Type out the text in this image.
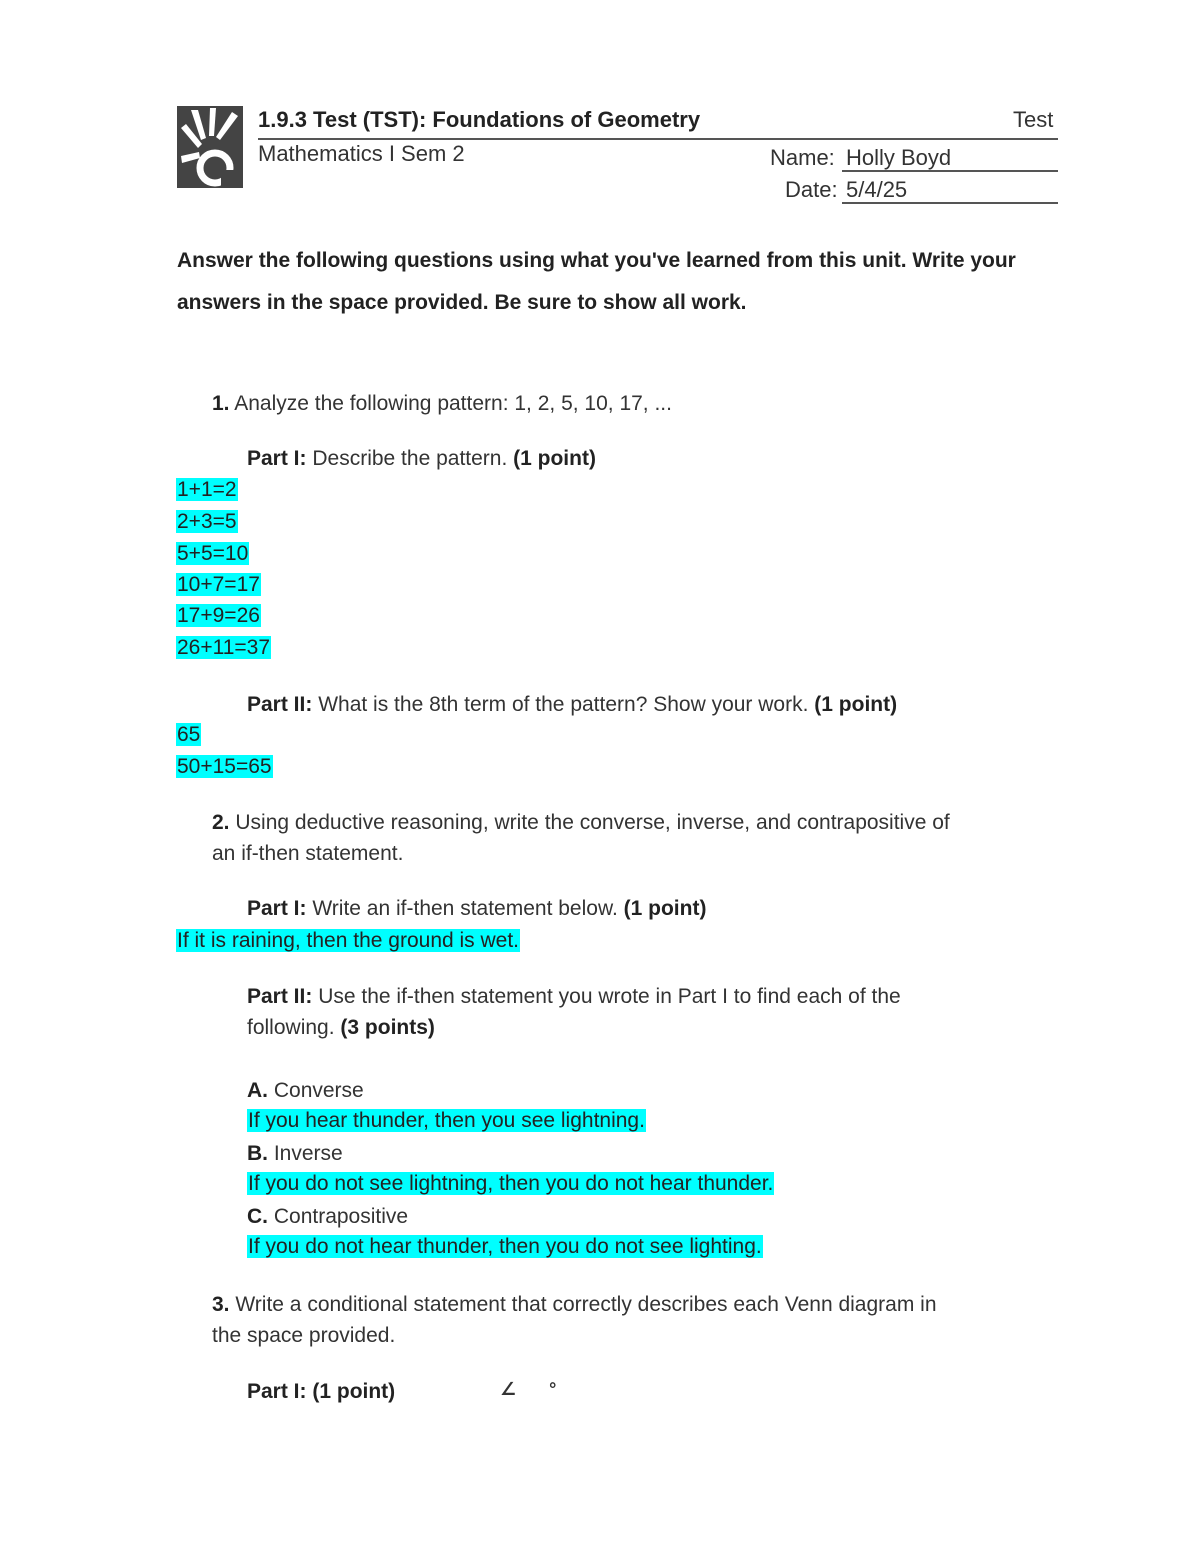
1.9.3 Test (TST): Foundations of Geometry	Test
Mathematics I Sem 2	Name: Holly Boyd
Date: 5/4/25
Answer the following questions using what you've learned from this unit. Write your answers in the space provided. Be sure to show all work.
1. Analyze the following pattern: 1, 2, 5, 10, 17, ...
Part I: Describe the pattern. (1 point)
1+1=2
2+3=5
5+5=10
10+7=17
17+9=26
26+11=37
Part II: What is the 8th term of the pattern? Show your work. (1 point)
65
50+15=65
2. Using deductive reasoning, write the converse, inverse, and contrapositive of
an if-then statement.
Part I: Write an if-then statement below. (1 point)
If it is raining, then the ground is wet.
Part II: Use the if-then statement you wrote in Part I to find each of the
following. (3 points)
A. Converse
If you hear thunder, then you see lightning.
B. Inverse
If you do not see lightning, then you do not hear thunder.
C. Contrapositive
If you do not hear thunder, then you do not see lighting.
3. Write a conditional statement that correctly describes each Venn diagram in
the space provided.
Part I: (1 point)	∠ °
